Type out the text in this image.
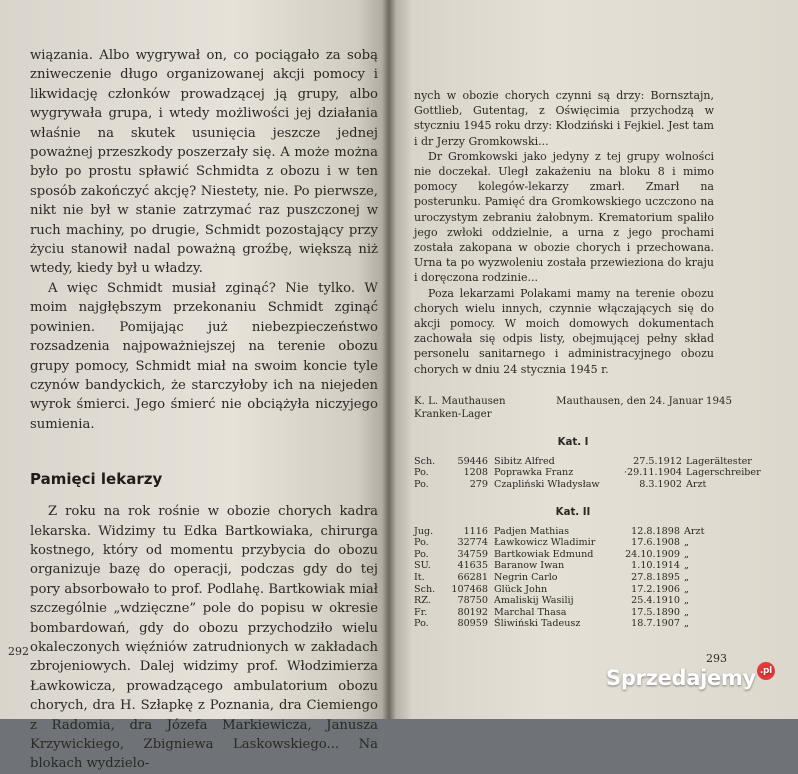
wiązania. Albo wygrywał on, co pociągało za sobą zniweczenie długo organizowanej akcji pomocy i likwidację członków prowadzącej ją grupy, albo wygrywała grupa, i wtedy możliwości jej działania właśnie na skutek usunięcia jeszcze jednej poważnej przeszkody poszerzały się. A może można było po prostu spławić Schmidta z obozu i w ten sposób zakończyć akcję? Niestety, nie. Po pierwsze, nikt nie był w stanie zatrzymać raz puszczonej w ruch machiny, po drugie, Schmidt pozostający przy życiu stanowił nadal poważną groźbę, większą niż wtedy, kiedy był u władzy.

A więc Schmidt musiał zginąć? Nie tylko. W moim najgłębszym przekonaniu Schmidt zginąć powinien. Pomijając już niebezpieczeństwo rozsadzenia najpoważniejszej na terenie obozu grupy pomocy, Schmidt miał na swoim koncie tyle czynów bandyckich, że starczyłoby ich na niejeden wyrok śmierci. Jego śmierć nie obciążyła niczyjego sumienia.

Pamięci lekarzy

Z roku na rok rośnie w obozie chorych kadra lekarska. Widzimy tu Edka Bartkowiaka, chirurga kostnego, który od momentu przybycia do obozu organizuje bazę do operacji, podczas gdy do tej pory absorbowało to prof. Podlahę. Bartkowiak miał szczególnie „wdzięczne” pole do popisu w okresie bombardowań, gdy do obozu przychodziło wielu okaleczonych więźniów zatrudnionych w zakładach zbrojeniowych. Dalej widzimy prof. Włodzimierza Ławkowicza, prowadzącego ambulatorium obozu chorych, dra H. Szłapkę z Poznania, dra Ciemiengo z Radomia, dra Józefa Markiewicza, Janusza Krzywickiego, Zbigniewa Laskowskiego... Na blokach wydzielo-

292

nych w obozie chorych czynni są drzy: Bornsztajn, Gottlieb, Gutentag, z Oświęcimia przychodzą w styczniu 1945 roku drzy: Kłodziński i Fejkiel. Jest tam i dr Jerzy Gromkowski...

Dr Gromkowski jako jedyny z tej grupy wolności nie doczekał. Uległ zakażeniu na bloku 8 i mimo pomocy kolegów-lekarzy zmarł. Zmarł na posterunku. Pamięć dra Gromkowskiego uczczono na uroczystym zebraniu żałobnym. Krematorium spaliło jego zwłoki oddzielnie, a urna z jego prochami została zakopana w obozie chorych i przechowana. Urna ta po wyzwoleniu została przewieziona do kraju i doręczona rodzinie...

Poza lekarzami Polakami mamy na terenie obozu chorych wielu innych, czynnie włączających się do akcji pomocy. W moich domowych dokumentach zachowała się odpis listy, obejmującej pełny skład personelu sanitarnego i administracyjnego obozu chorych w dniu 24 stycznia 1945 r.

K. L. Mauthausen	Mauthausen, den 24. Januar 1945
Kranken-Lager
Kat. I
Sch.	59446	Sibitz Alfred	27.5.1912	Lagerältester
Po.	1208	Poprawka Franz	·29.11.1904	Lagerschreiber
Po.	279	Czapliński Władysław	8.3.1902	Arzt
Kat. II
Jug.	1116	Padjen Mathias	12.8.1898	Arzt
Po.	32774	Ławkowicz Wladimir	17.6.1908	„
Po.	34759	Bartkowiak Edmund	24.10.1909	„
SU.	41635	Baranow Iwan	1.10.1914	„
It.	66281	Negrin Carlo	27.8.1895	„
Sch.	107468	Glück John	17.2.1906	„
RZ.	78750	Amaliskij Wasilij	25.4.1910	„
Fr.	80192	Marchal Thasa	17.5.1890	„
Po.	80959	Śliwiński Tadeusz	18.7.1907	„
293
Sprzedajemy .pl
